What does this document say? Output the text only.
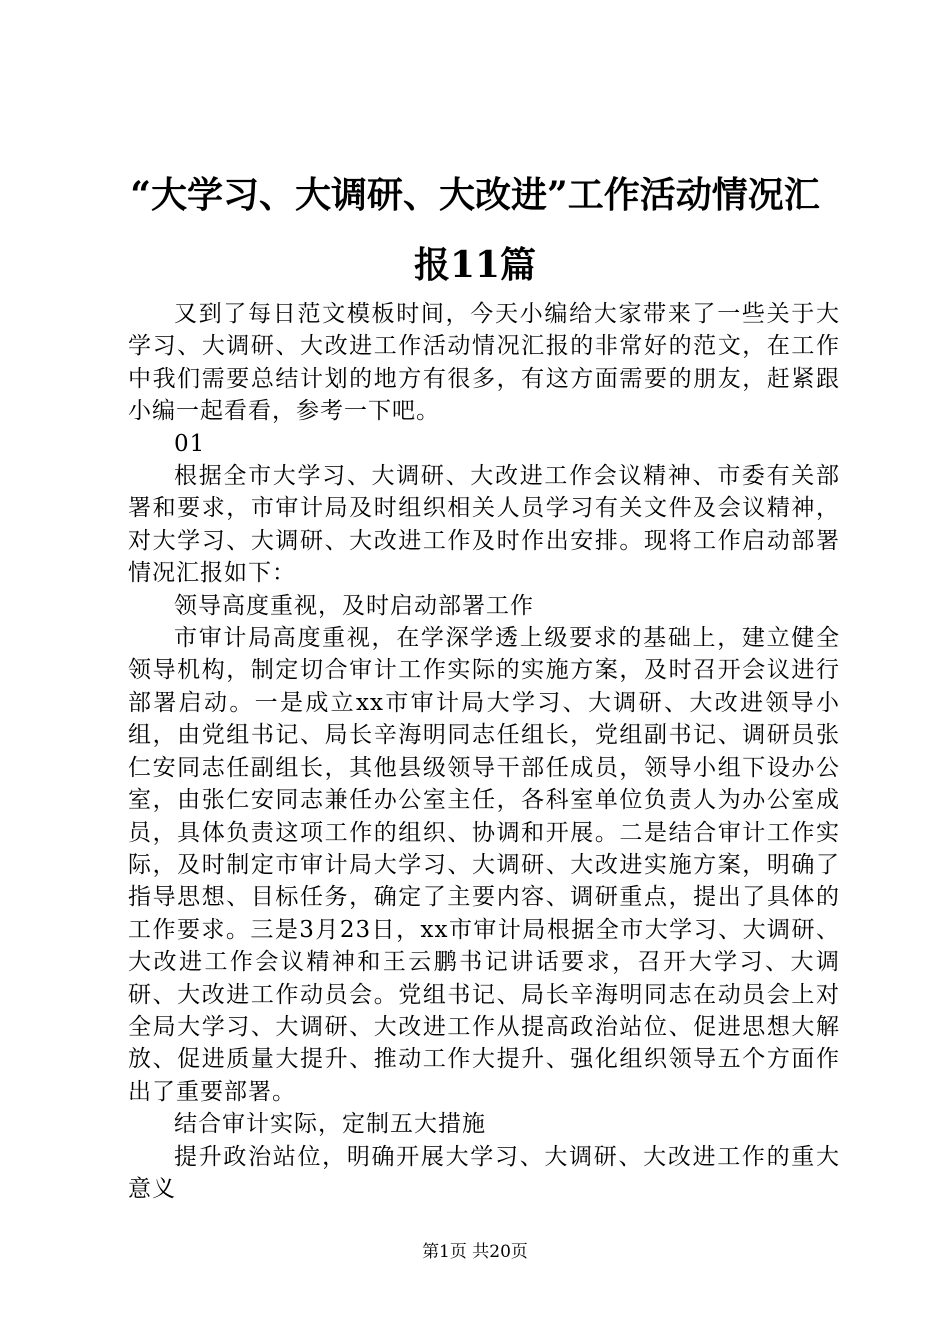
“大学习、大调研、大改进”工作活动情况汇报11篇

又到了每日范文模板时间，今天小编给大家带来了一些关于大学习、大调研、大改进工作活动情况汇报的非常好的范文，在工作中我们需要总结计划的地方有很多，有这方面需要的朋友，赶紧跟小编一起看看，参考一下吧。

01

根据全市大学习、大调研、大改进工作会议精神、市委有关部署和要求，市审计局及时组织相关人员学习有关文件及会议精神，对大学习、大调研、大改进工作及时作出安排。现将工作启动部署情况汇报如下：

领导高度重视，及时启动部署工作

市审计局高度重视，在学深学透上级要求的基础上，建立健全领导机构，制定切合审计工作实际的实施方案，及时召开会议进行部署启动。一是成立xx市审计局大学习、大调研、大改进领导小组，由党组书记、局长辛海明同志任组长，党组副书记、调研员张仁安同志任副组长，其他县级领导干部任成员，领导小组下设办公室，由张仁安同志兼任办公室主任，各科室单位负责人为办公室成员，具体负责这项工作的组织、协调和开展。二是结合审计工作实际，及时制定市审计局大学习、大调研、大改进实施方案，明确了指导思想、目标任务，确定了主要内容、调研重点，提出了具体的工作要求。三是3月23日，xx市审计局根据全市大学习、大调研、大改进工作会议精神和王云鹏书记讲话要求，召开大学习、大调研、大改进工作动员会。党组书记、局长辛海明同志在动员会上对全局大学习、大调研、大改进工作从提高政治站位、促进思想大解放、促进质量大提升、推动工作大提升、强化组织领导五个方面作出了重要部署。

结合审计实际，定制五大措施

提升政治站位，明确开展大学习、大调研、大改进工作的重大意义

第1页 共20页
